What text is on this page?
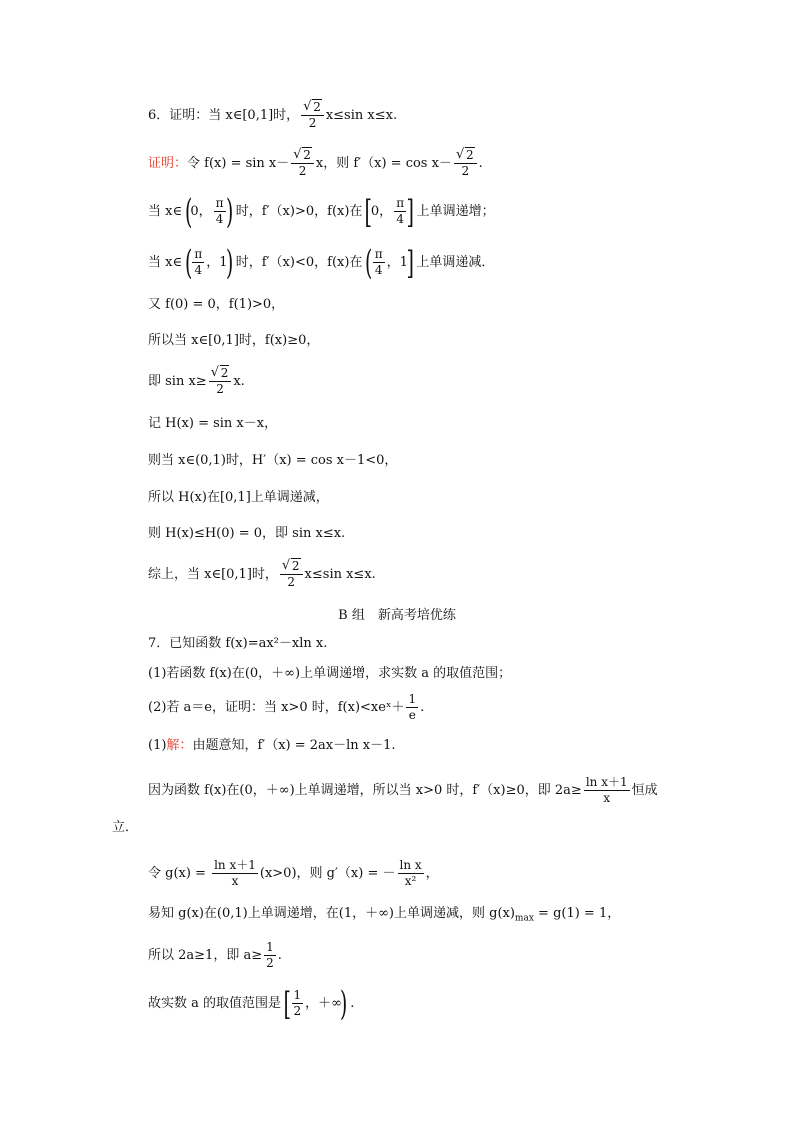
6．证明：当 x∈[0,1]时， √ $\frac{2}{2} x\le\sin$ x≤x.
证明：令 f(x) = sin x－ √ $\frac{2}{2}$ x，则 f′（x) = cos x－ √ $\frac{2}{2}$ .
当 x∈(0， $\frac{\pi}{4}$ ) 时，f′（x)>0，f(x)在[0， $\frac{\pi}{4}$ ] 上单调递增；
当 x∈( $\frac{\pi}{4}$ ，1) 时，f′（x)<0，f(x)在( $\frac{\pi}{4}$ ，1] 上单调递减．
又 f(0) = 0，f(1)>0，
所以当 x∈[0,1]时，f(x)≥0，
即 sin x≥ √ $\frac{2}{2} x$.
记 H(x) = sin x－x，
则当 x∈(0,1)时，H′（x) = cos x－1<0，
所以 H(x)在[0,1]上单调递减，
则 H(x)≤H(0) = 0，即 sin x≤x.
综上，当 x∈[0,1]时， √ $\frac{2}{2} x\le\sin$ x≤x.
B 组　新高考培优练
7．已知函数 f(x)=ax²－xln x.
(1)若函数 f(x)在(0，＋∞)上单调递增，求实数 a 的取值范围；
(2)若 a＝e，证明：当 x>0 时，f(x)<xeˣ＋ $\frac{1}{e}$ .
(1)解：由题意知，f′（x) = 2ax－ln x－1.
因为函数 f(x)在(0，＋∞)上单调递增，所以当 x>0 时，f′（x)≥0，即 $2a\ge \frac{\text{ln x＋1}}{x}$ 恒成
立．
令 $g(x) = \frac{\text{ln x＋1}}{x} (x>0)$，则 g′（x) = － $\frac{\text{ln x}}{\text{x²}}$ ，
易知 g(x)在(0,1)上单调递增，在(1，＋∞)上单调递减，则 $g(x)_{max} = g(1) = 1$，
所以 2a≥1，即 $a\ge \frac{1}{2}$ .
故实数 a 的取值范围是[ $\frac{1}{2}$ ，＋∞) .
